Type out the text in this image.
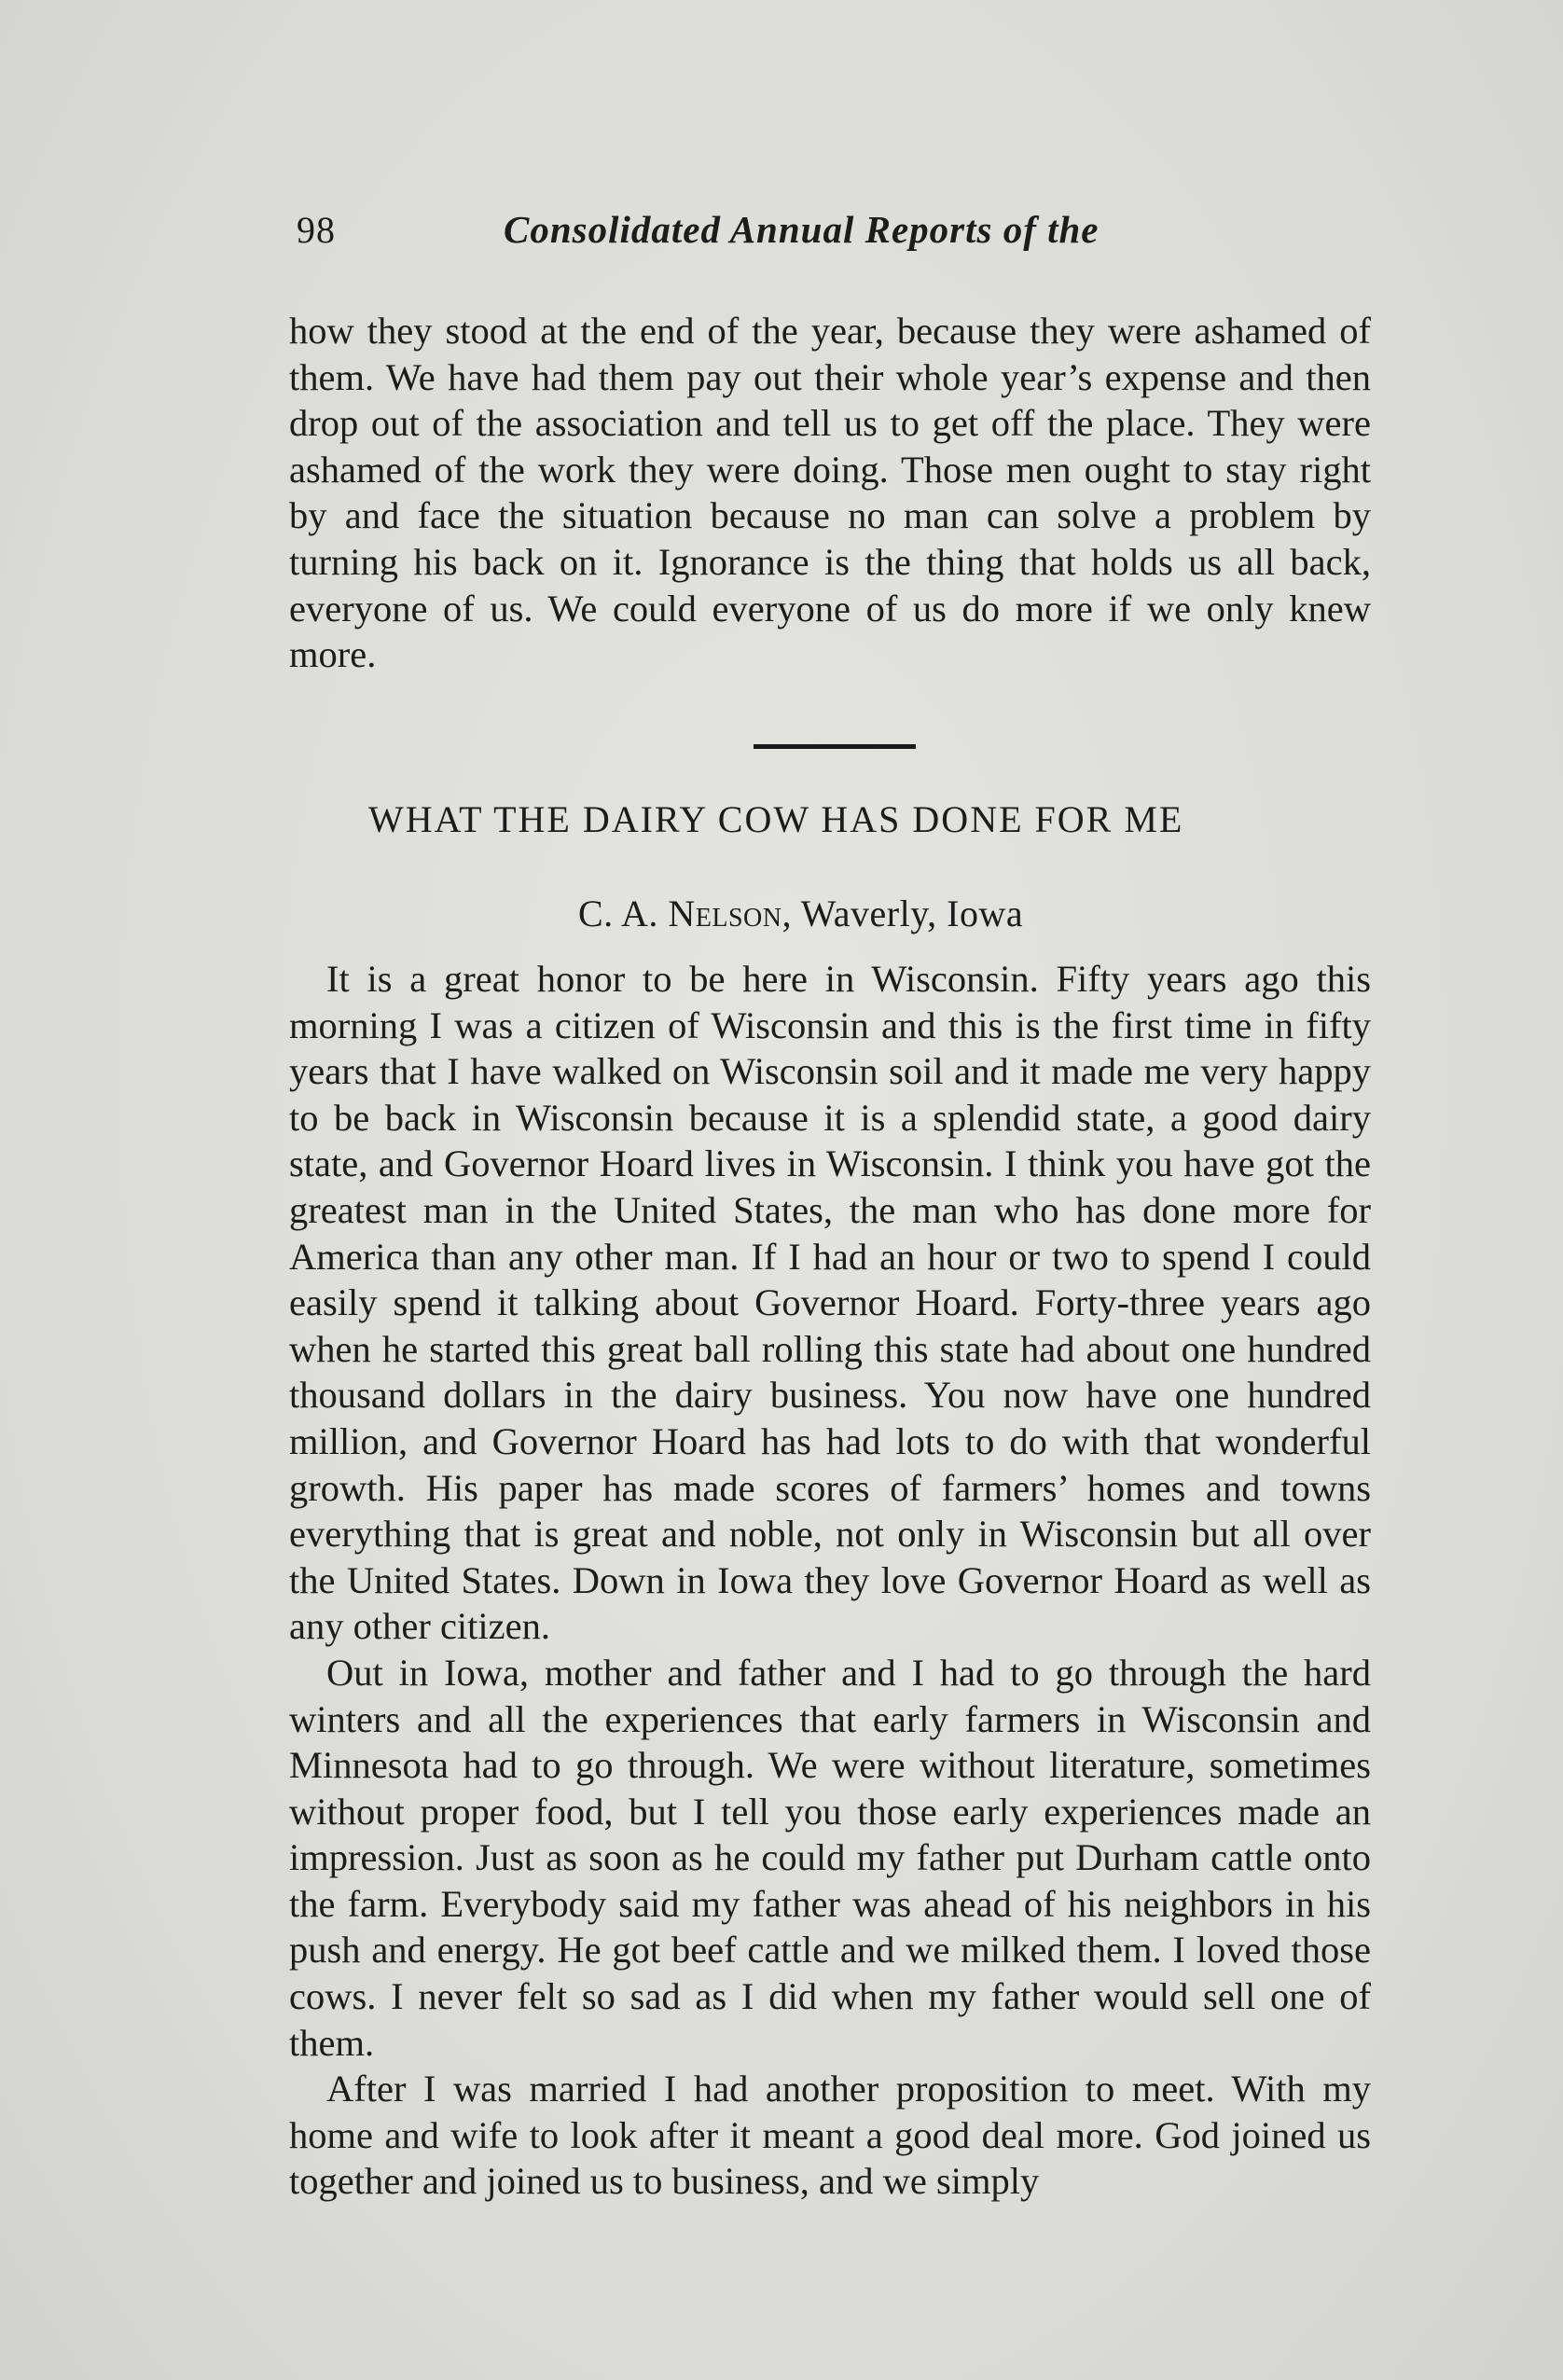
98	Consolidated Annual Reports of the

how they stood at the end of the year, because they were ashamed of them. We have had them pay out their whole year’s expense and then drop out of the association and tell us to get off the place. They were ashamed of the work they were doing. Those men ought to stay right by and face the situation because no man can solve a problem by turning his back on it. Ignorance is the thing that holds us all back, everyone of us. We could everyone of us do more if we only knew more.

WHAT THE DAIRY COW HAS DONE FOR ME
C. A. Nelson, Waverly, Iowa

It is a great honor to be here in Wisconsin. Fifty years ago this morning I was a citizen of Wisconsin and this is the first time in fifty years that I have walked on Wisconsin soil and it made me very happy to be back in Wisconsin because it is a splendid state, a good dairy state, and Governor Hoard lives in Wisconsin. I think you have got the greatest man in the United States, the man who has done more for America than any other man. If I had an hour or two to spend I could easily spend it talking about Governor Hoard. Forty-three years ago when he started this great ball rolling this state had about one hundred thousand dollars in the dairy business. You now have one hundred million, and Governor Hoard has had lots to do with that wonderful growth. His paper has made scores of farmers’ homes and towns everything that is great and noble, not only in Wisconsin but all over the United States. Down in Iowa they love Governor Hoard as well as any other citizen.

Out in Iowa, mother and father and I had to go through the hard winters and all the experiences that early farmers in Wisconsin and Minnesota had to go through. We were without literature, sometimes without proper food, but I tell you those early experiences made an impression. Just as soon as he could my father put Durham cattle onto the farm. Everybody said my father was ahead of his neighbors in his push and energy. He got beef cattle and we milked them. I loved those cows. I never felt so sad as I did when my father would sell one of them.

After I was married I had another proposition to meet. With my home and wife to look after it meant a good deal more. God joined us together and joined us to business, and we simply
